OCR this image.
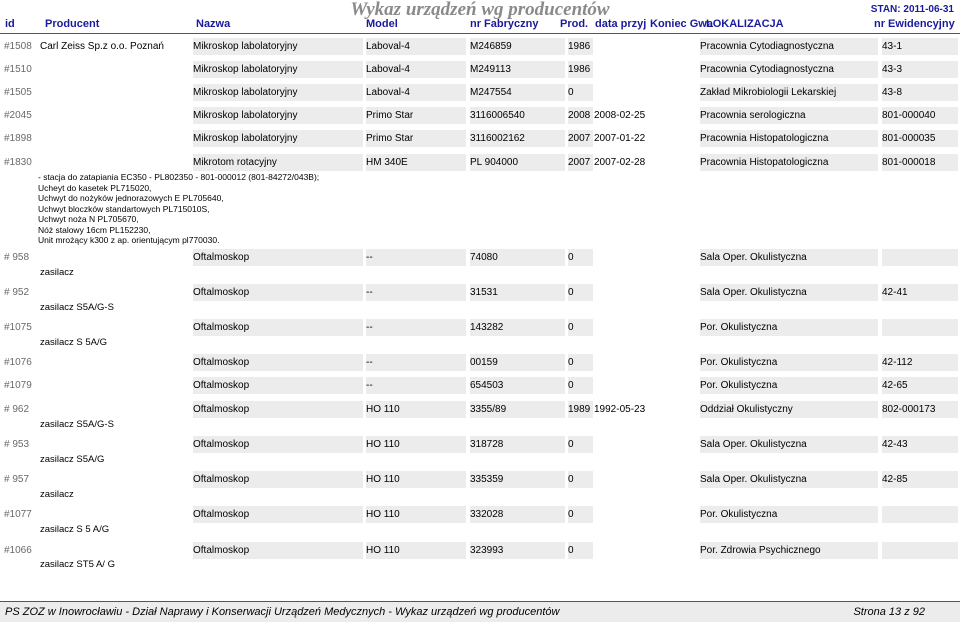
Wykaz urządzeń wg producentów	STAN: 2011-06-31
id	Producent	Nazwa	Model	nr Fabryczny Prod. data przyj Koniec Gwa
LOKALIZACJA	nr Ewidencyjny
#1508 Carl Zeiss Sp.z o.o. Poznań	Mikroskop labolatoryjny	Laboval-4	M246859	1986	Pracownia Cytodiagnostyczna	43-1
#1510	Mikroskop labolatoryjny	Laboval-4	M249113	1986	Pracownia Cytodiagnostyczna	43-3
#1505	Mikroskop labolatoryjny	Laboval-4	M247554	0	Zakład Mikrobiologii Lekarskiej	43-8
#2045	Mikroskop labolatoryjny	Primo Star	3116006540	2008 2008-02-25	Pracownia serologiczna	801-000040
#1898	Mikroskop labolatoryjny	Primo Star	3116002162	2007 2007-01-22	Pracownia Histopatologiczna	801-000035
#1830	Mikrotom rotacyjny	HM 340E	PL 904000	2007 2007-02-28	Pracownia Histopatologiczna	801-000018
# 958	Oftalmoskop	--	74080	0	Sala Oper. Okulistyczna
zasilacz
# 952	Oftalmoskop	--	31531	0	Sala Oper. Okulistyczna	42-41
zasilacz S5A/G-S
#1075	Oftalmoskop	--	143282	0	Por. Okulistyczna
zasilacz S 5A/G
#1076	Oftalmoskop	--	00159	0	Por. Okulistyczna	42-112
#1079	Oftalmoskop	--	654503	0	Por. Okulistyczna	42-65
# 962	Oftalmoskop	HO 110	3355/89	1989 1992-05-23	Oddział Okulistyczny	802-000173
zasilacz S5A/G-S
# 953	Oftalmoskop	HO 110	318728	0	Sala Oper. Okulistyczna	42-43
zasilacz S5A/G
# 957	Oftalmoskop	HO 110	335359	0	Sala Oper. Okulistyczna	42-85
zasilacz
#1077	Oftalmoskop	HO 110	332028	0	Por. Okulistyczna
zasilacz S 5 A/G
#1066	Oftalmoskop	HO 110	323993	0	Por. Zdrowia Psychicznego
zasilacz ST5 A/ G
- stacja do zatapiania EC350 - PL802350 - 801-000012 (801-84272/043B);
Ucheyt do kasetek PL715020,
Uchwyt do nożyków jednorazowych E PL705640,
Uchwyt bloczków standartowych PL715010S,
Uchwyt noża N PL705670,
Nóż stalowy 16cm PL152230,
Unit mrożący k300 z ap. orientującym pl770030.
PS ZOZ w Inowrocławiu - Dział Naprawy i Konserwacji Urządzeń Medycznych - Wykaz urządzeń wg producentów	Strona 13 z 92
